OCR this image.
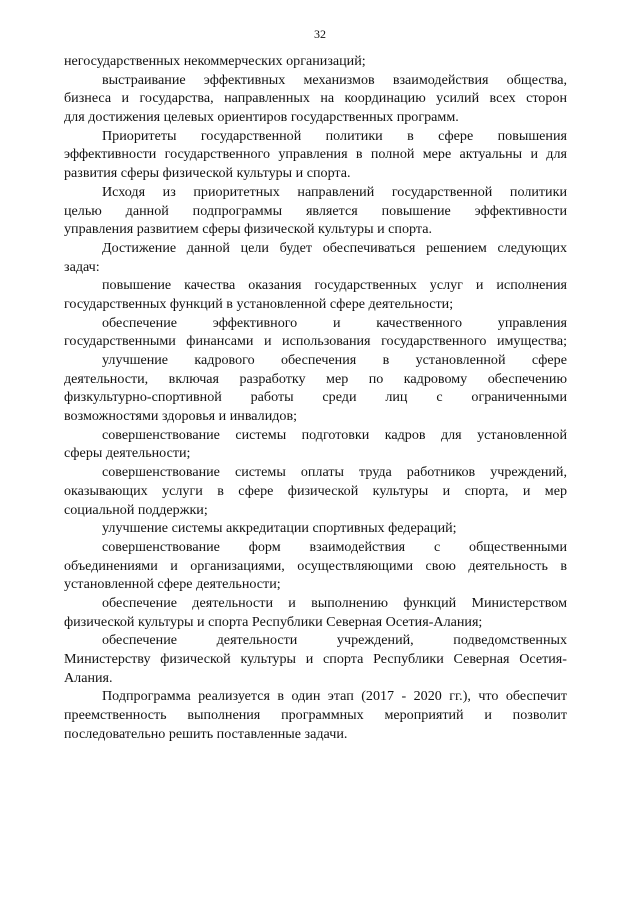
32
негосударственных некоммерческих организаций;
выстраивание эффективных механизмов взаимодействия общества,
бизнеса и государства, направленных на координацию усилий всех сторон
для достижения целевых ориентиров государственных программ.
Приоритеты государственной политики в сфере повышения
эффективности государственного управления в полной мере актуальны и для
развития сферы физической культуры и спорта.
Исходя из приоритетных направлений государственной политики
целью данной подпрограммы является повышение эффективности
управления развитием сферы физической культуры и спорта.
Достижение данной цели будет обеспечиваться решением следующих
задач:
повышение качества оказания государственных услуг и исполнения
государственных функций в установленной сфере деятельности;
обеспечение эффективного и качественного управления
государственными финансами и использования государственного имущества;
улучшение кадрового обеспечения в установленной сфере
деятельности, включая разработку мер по кадровому обеспечению
физкультурно-спортивной работы среди лиц с ограниченными
возможностями здоровья и инвалидов;
совершенствование системы подготовки кадров для установленной
сферы деятельности;
совершенствование системы оплаты труда работников учреждений,
оказывающих услуги в сфере физической культуры и спорта, и мер
социальной поддержки;
улучшение системы аккредитации спортивных федераций;
совершенствование форм взаимодействия с общественными
объединениями и организациями, осуществляющими свою деятельность в
установленной сфере деятельности;
обеспечение деятельности и выполнению функций Министерством
физической культуры и спорта Республики Северная Осетия-Алания;
обеспечение деятельности учреждений, подведомственных
Министерству физической культуры и спорта Республики Северная Осетия-
Алания.
Подпрограмма реализуется в один этап (2017 - 2020 гг.), что обеспечит
преемственность выполнения программных мероприятий и позволит
последовательно решить поставленные задачи.
